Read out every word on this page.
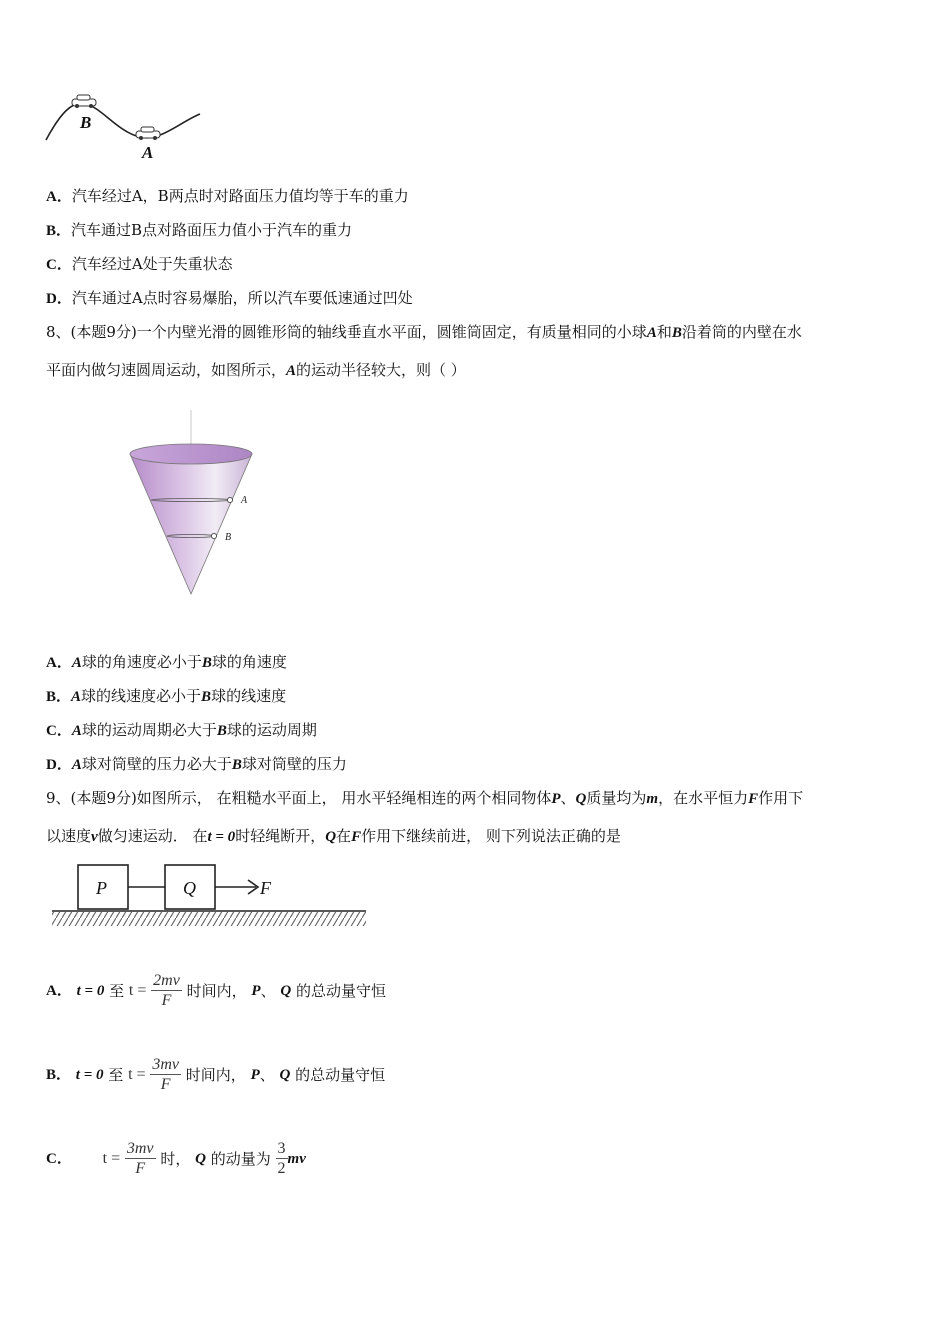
B
A
A．汽车经过A，B两点时对路面压力值均等于车的重力
B．汽车通过B点对路面压力值小于汽车的重力
C．汽车经过A处于失重状态
D．汽车通过A点时容易爆胎，所以汽车要低速通过凹处
8、(本题9分)一个内壁光滑的圆锥形筒的轴线垂直水平面，圆锥筒固定，有质量相同的小球A和B沿着筒的内壁在水
平面内做匀速圆周运动，如图所示，A的运动半径较大，则（ ）
A
B
A．A球的角速度必小于B球的角速度
B．A球的线速度必小于B球的线速度
C．A球的运动周期必大于B球的运动周期
D．A球对筒壁的压力必大于B球对筒壁的压力
9、(本题9分)如图所示， 在粗糙水平面上， 用水平轻绳相连的两个相同物体P、Q质量均为m，在水平恒力F作用下
以速度v做匀速运动． 在t = 0时轻绳断开，Q在F作用下继续前进， 则下列说法正确的是
P	Q	F
A． t = 0 至 $t = \frac{2mv}{F}$ 时间内， P、 Q 的总动量守恒
B． t = 0 至 $t = \frac{3mv}{F}$ 时间内， P、 Q 的总动量守恒
C． $t = \frac{3mv}{F}$ 时， Q 的动量为 $\frac{3}{2}$ mv
